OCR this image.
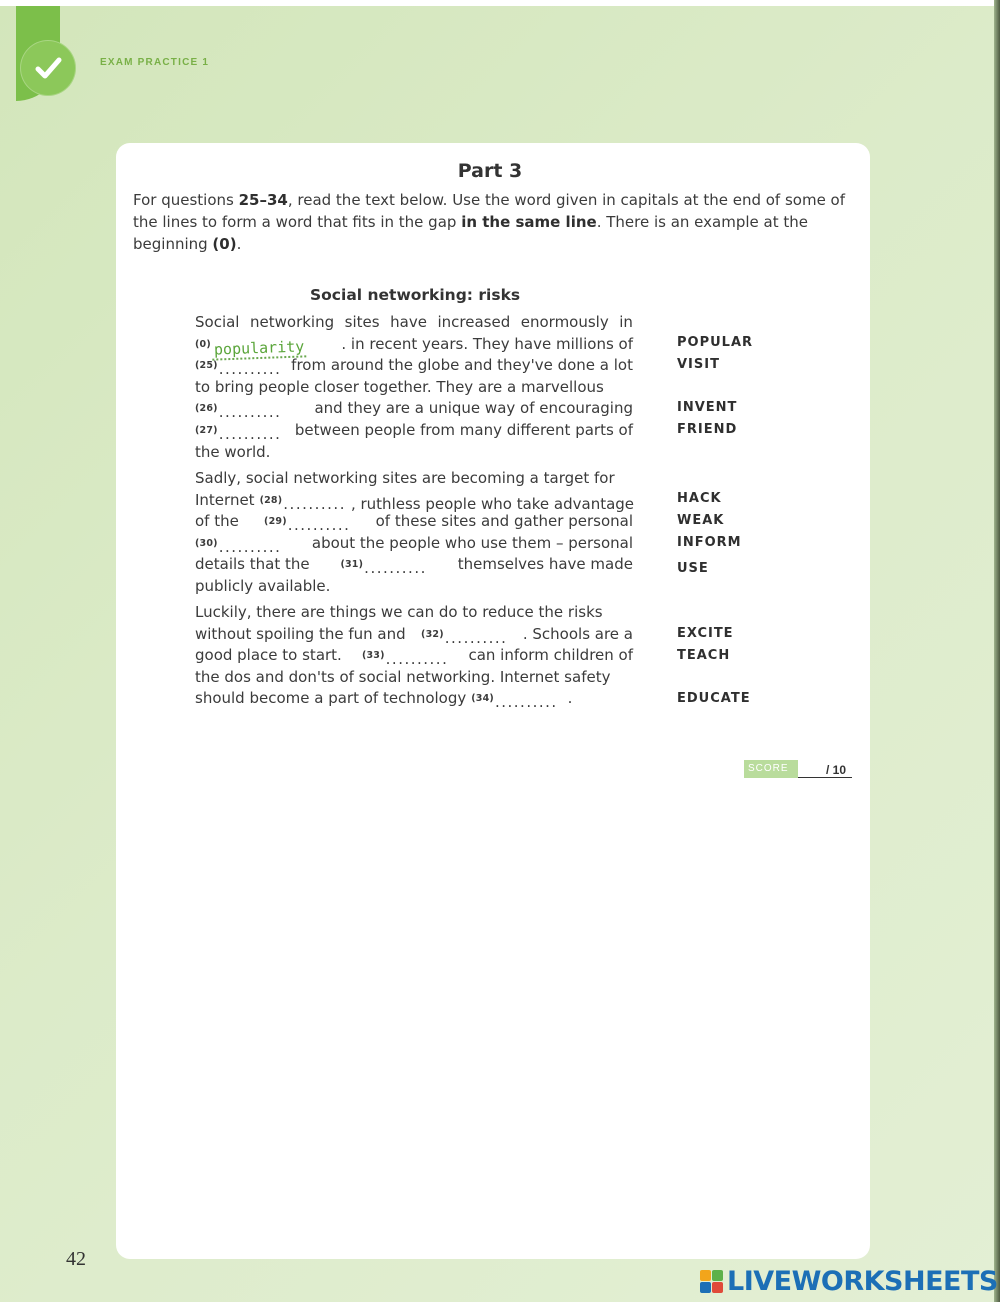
EXAM PRACTICE 1
Part 3
For questions 25–34, read the text below. Use the word given in capitals at the end of some of the lines to form a word that fits in the gap in the same line. There is an example at the beginning (0).
Social networking: risks
Social networking sites have increased enormously in
$^{(0)}$ popularity . in recent years. They have millions of
$^{(25)}$.......... from around the globe and they've done a lot
to bring people closer together. They are a marvellous
$^{(26)}$.......... and they are a unique way of encouraging
$^{(27)}$.......... between people from many different parts of
the world.
Sadly, social networking sites are becoming a target for
Internet $^{(28)}$.......... , ruthless people who take advantage
of the	$^{(29)}$.......... of these sites and gather personal
$^{(30)}$.......... about the people who use them – personal
details that the	$^{(31)}$.......... themselves have made
publicly available.
Luckily, there are things we can do to reduce the risks
without spoiling the fun and $^{(32)}$.......... . Schools are a
good place to start. $^{(33)}$.......... can inform children of
the dos and don'ts of social networking. Internet safety
should become a part of technology $^{(34)}$.......... .
POPULAR
VISIT
INVENT
FRIEND
HACK
WEAK
INFORM
USE
EXCITE
TEACH
EDUCATE
SCORE	/ 10
42
LIVEWORKSHEETS
